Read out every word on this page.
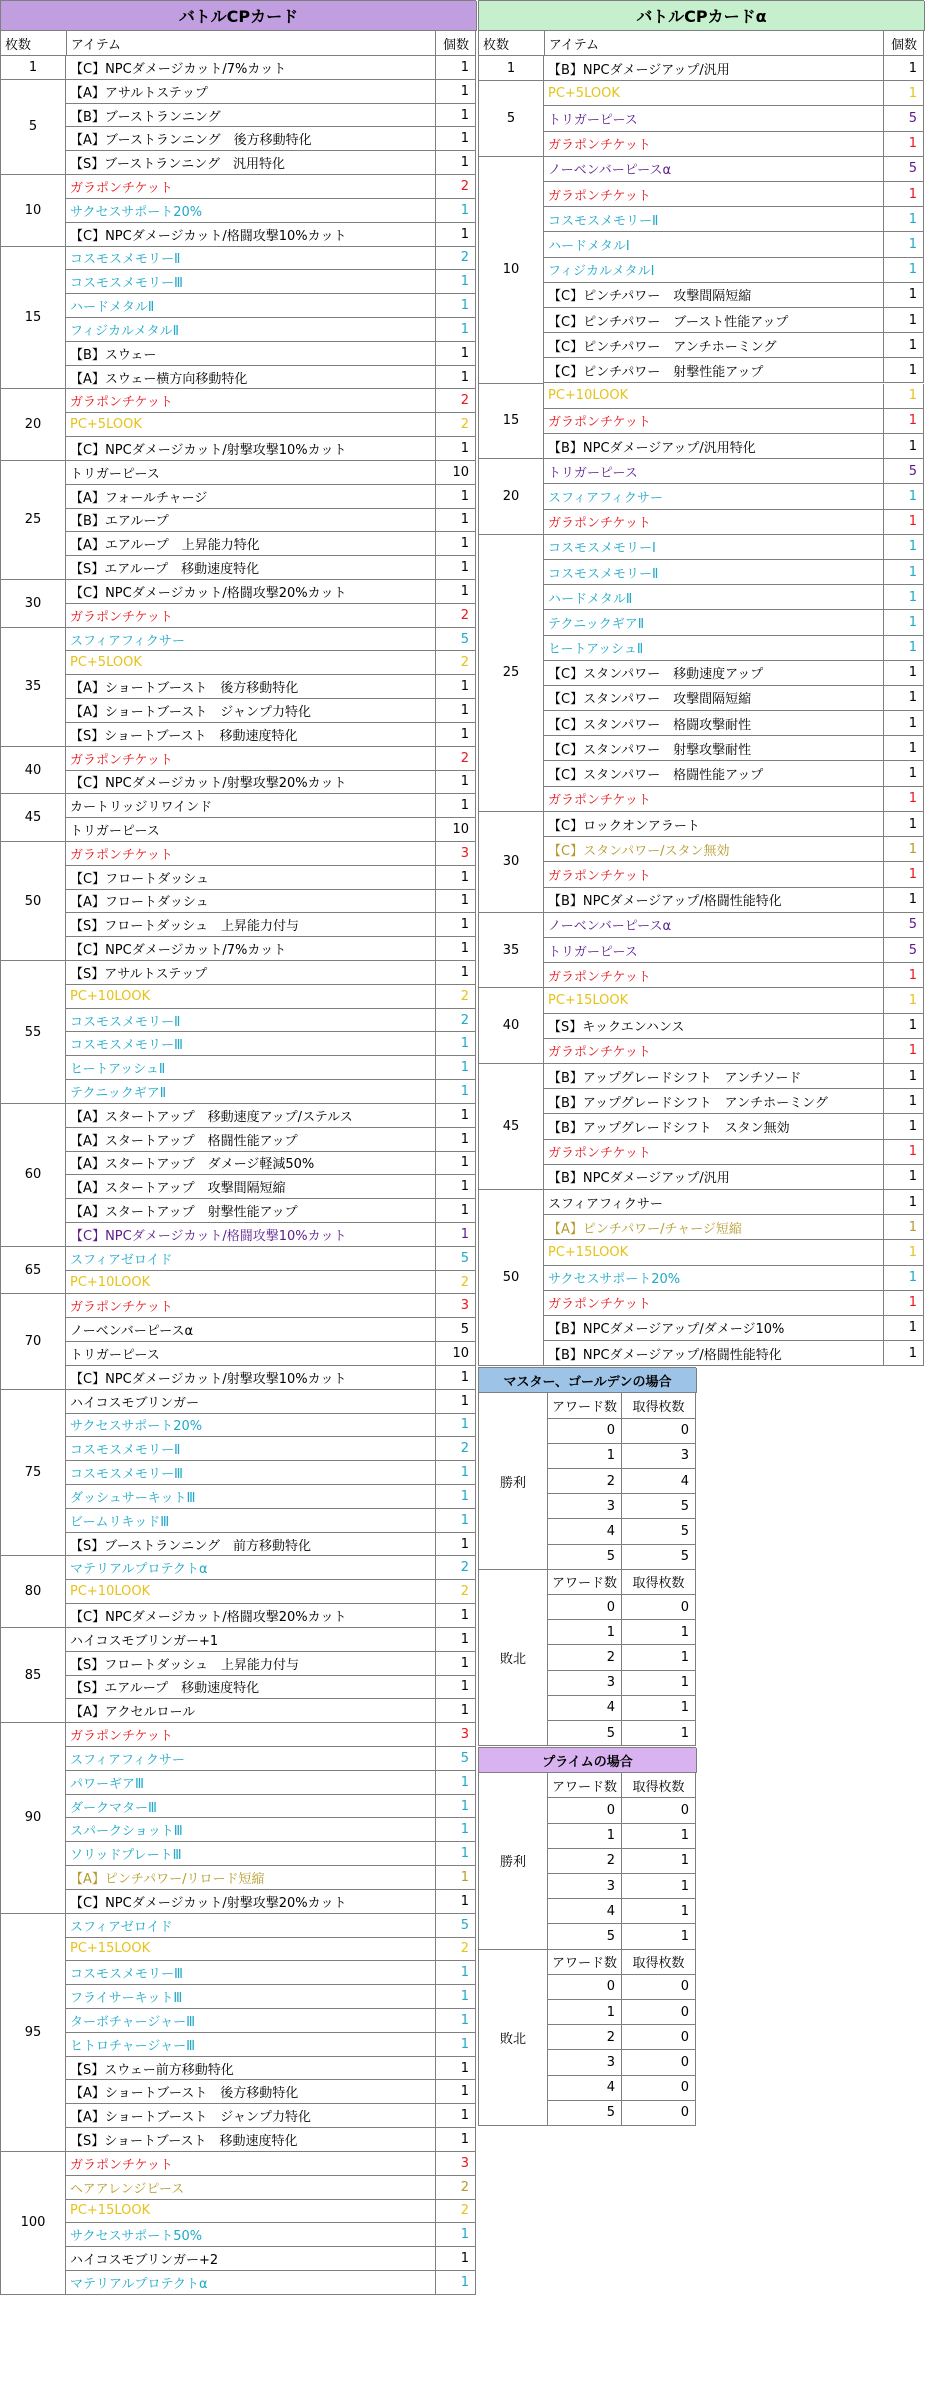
バトルCPカード
枚数	アイテム	個数
1	【C】NPCダメージカット/7%カット	1
5
【A】アサルトステップ	1
【B】ブーストランニング	1
【A】ブーストランニング　後方移動特化	1
【S】ブーストランニング　汎用特化	1
10
ガラポンチケット	2
サクセスサポート20%	1
【C】NPCダメージカット/格闘攻撃10%カット	1
15
コスモスメモリーⅡ	2
コスモスメモリーⅢ	1
ハードメタルⅡ	1
フィジカルメタルⅡ	1
【B】スウェー	1
【A】スウェー横方向移動特化	1
20
ガラポンチケット	2
PC+5LOOK	2
【C】NPCダメージカット/射撃攻撃10%カット	1
25
トリガーピース	10
【A】フォールチャージ	1
【B】エアループ	1
【A】エアループ　上昇能力特化	1
【S】エアループ　移動速度特化	1
30
【C】NPCダメージカット/格闘攻撃20%カット	1
ガラポンチケット	2
35
スフィアフィクサー	5
PC+5LOOK	2
【A】ショートブースト　後方移動特化	1
【A】ショートブースト　ジャンプ力特化	1
【S】ショートブースト　移動速度特化	1
40
ガラポンチケット	2
【C】NPCダメージカット/射撃攻撃20%カット	1
45
カートリッジリワインド	1
トリガーピース	10
50
ガラポンチケット	3
【C】フロートダッシュ	1
【A】フロートダッシュ	1
【S】フロートダッシュ　上昇能力付与	1
【C】NPCダメージカット/7%カット	1
55
【S】アサルトステップ	1
PC+10LOOK	2
コスモスメモリーⅡ	2
コスモスメモリーⅢ	1
ヒートアッシュⅡ	1
テクニックギアⅡ	1
60
【A】スタートアップ　移動速度アップ/ステルス	1
【A】スタートアップ　格闘性能アップ	1
【A】スタートアップ　ダメージ軽減50%	1
【A】スタートアップ　攻撃間隔短縮	1
【A】スタートアップ　射撃性能アップ	1
【C】NPCダメージカット/格闘攻撃10%カット	1
65
スフィアゼロイド	5
PC+10LOOK	2
70
ガラポンチケット	3
ノーベンバーピースα	5
トリガーピース	10
【C】NPCダメージカット/射撃攻撃10%カット	1
75
ハイコスモブリンガー	1
サクセスサポート20%	1
コスモスメモリーⅡ	2
コスモスメモリーⅢ	1
ダッシュサーキットⅢ	1
ビームリキッドⅢ	1
【S】ブーストランニング　前方移動特化	1
80
マテリアルプロテクトα	2
PC+10LOOK	2
【C】NPCダメージカット/格闘攻撃20%カット	1
85
ハイコスモブリンガー+1	1
【S】フロートダッシュ　上昇能力付与	1
【S】エアループ　移動速度特化	1
【A】アクセルロール	1
90
ガラポンチケット	3
スフィアフィクサー	5
パワーギアⅢ	1
ダークマターⅢ	1
スパークショットⅢ	1
ソリッドプレートⅢ	1
【A】ピンチパワー/リロード短縮	1
【C】NPCダメージカット/射撃攻撃20%カット	1
95
スフィアゼロイド	5
PC+15LOOK	2
コスモスメモリーⅢ	1
フライサーキットⅢ	1
ターボチャージャーⅢ	1
ヒトロチャージャーⅢ	1
【S】スウェー前方移動特化	1
【A】ショートブースト　後方移動特化	1
【A】ショートブースト　ジャンプ力特化	1
【S】ショートブースト　移動速度特化	1
100
ガラポンチケット	3
ヘアアレンジピース	2
PC+15LOOK	2
サクセスサポート50%	1
ハイコスモブリンガー+2	1
マテリアルプロテクトα	1
バトルCPカードα
枚数	アイテム	個数
1	【B】NPCダメージアップ/汎用	1
5
PC+5LOOK	1
トリガーピース	5
ガラポンチケット	1
10
ノーベンバーピースα	5
ガラポンチケット	1
コスモスメモリーⅡ	1
ハードメタルⅠ	1
フィジカルメタルⅠ	1
【C】ピンチパワー　攻撃間隔短縮	1
【C】ピンチパワー　ブースト性能アップ	1
【C】ピンチパワー　アンチホーミング	1
【C】ピンチパワー　射撃性能アップ	1
15
PC+10LOOK	1
ガラポンチケット	1
【B】NPCダメージアップ/汎用特化	1
20
トリガーピース	5
スフィアフィクサー	1
ガラポンチケット	1
25
コスモスメモリーⅠ	1
コスモスメモリーⅡ	1
ハードメタルⅡ	1
テクニックギアⅡ	1
ヒートアッシュⅡ	1
【C】スタンパワー　移動速度アップ	1
【C】スタンパワー　攻撃間隔短縮	1
【C】スタンパワー　格闘攻撃耐性	1
【C】スタンパワー　射撃攻撃耐性	1
【C】スタンパワー　格闘性能アップ	1
ガラポンチケット	1
30
【C】ロックオンアラート	1
【C】スタンパワー/スタン無効	1
ガラポンチケット	1
【B】NPCダメージアップ/格闘性能特化	1
35
ノーベンバーピースα	5
トリガーピース	5
ガラポンチケット	1
40
PC+15LOOK	1
【S】キックエンハンス	1
ガラポンチケット	1
45
【B】アップグレードシフト　アンチソード	1
【B】アップグレードシフト　アンチホーミング	1
【B】アップグレードシフト　スタン無効	1
ガラポンチケット	1
【B】NPCダメージアップ/汎用	1
50
スフィアフィクサー	1
【A】ピンチパワー/チャージ短縮	1
PC+15LOOK	1
サクセスサポート20%	1
ガラポンチケット	1
【B】NPCダメージアップ/ダメージ10%	1
【B】NPCダメージアップ/格闘性能特化	1
マスター、ゴールデンの場合
勝利
アワード数	取得枚数
0	0
1	3
2	4
3	5
4	5
5	5
敗北
アワード数	取得枚数
0	0
1	1
2	1
3	1
4	1
5	1
プライムの場合
勝利
アワード数	取得枚数
0	0
1	1
2	1
3	1
4	1
5	1
敗北
アワード数	取得枚数
0	0
1	0
2	0
3	0
4	0
5	0
